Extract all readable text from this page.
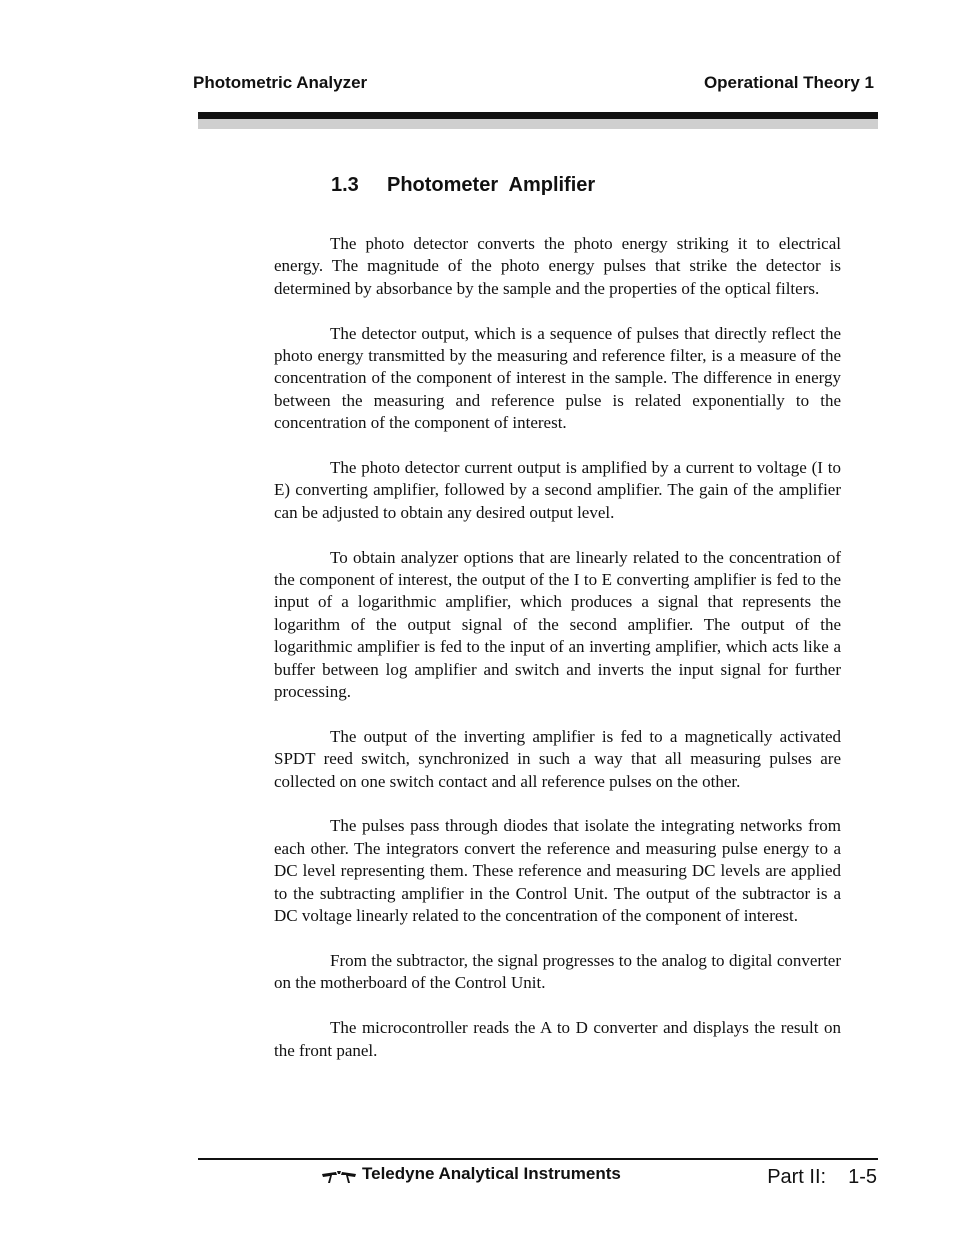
Photometric Analyzer	Operational Theory 1
1.3 Photometer  Amplifier

The photo detector converts the photo energy striking it to electrical energy. The magnitude of the photo energy pulses that strike the detector is determined by absorbance by the sample and the properties of the optical filters.

The detector output, which is a sequence of pulses that directly reflect the photo energy transmitted by the measuring and reference filter, is a measure of the concentration of the component of interest in the sample. The difference in energy between the measuring and reference pulse is related exponentially to the concentration of the component of interest.

The photo detector current output is amplified by a current to voltage (I to E) converting amplifier, followed by a second amplifier. The gain of the amplifier can be adjusted to obtain any desired output level.

To obtain analyzer options that are linearly related to the concentration of the component of interest, the output of the I to E converting amplifier is fed to the input of a logarithmic amplifier, which produces a signal that represents the logarithm of the output signal of the second amplifier. The output of the logarithmic amplifier is fed to the input of an inverting amplifier, which acts like a buffer between log amplifier and switch and inverts the input signal for further processing.

The output of the inverting amplifier is fed to a magnetically activated SPDT reed switch, synchronized in such a way that all measuring pulses are collected on one switch contact and all reference pulses on the other.

The pulses pass through diodes that isolate the integrating networks from each other. The integrators convert the reference and measuring pulse energy to a DC level representing them. These reference and measuring DC levels are applied to the subtracting amplifier in the Control Unit. The output of the subtractor is a DC voltage linearly related to the concentration of the component of interest.

From the subtractor, the signal progresses to the analog to digital converter on the motherboard of the Control Unit.

The microcontroller reads the A to D converter and displays the result on the front panel.

Teledyne Analytical Instruments	Part II: 1-5
